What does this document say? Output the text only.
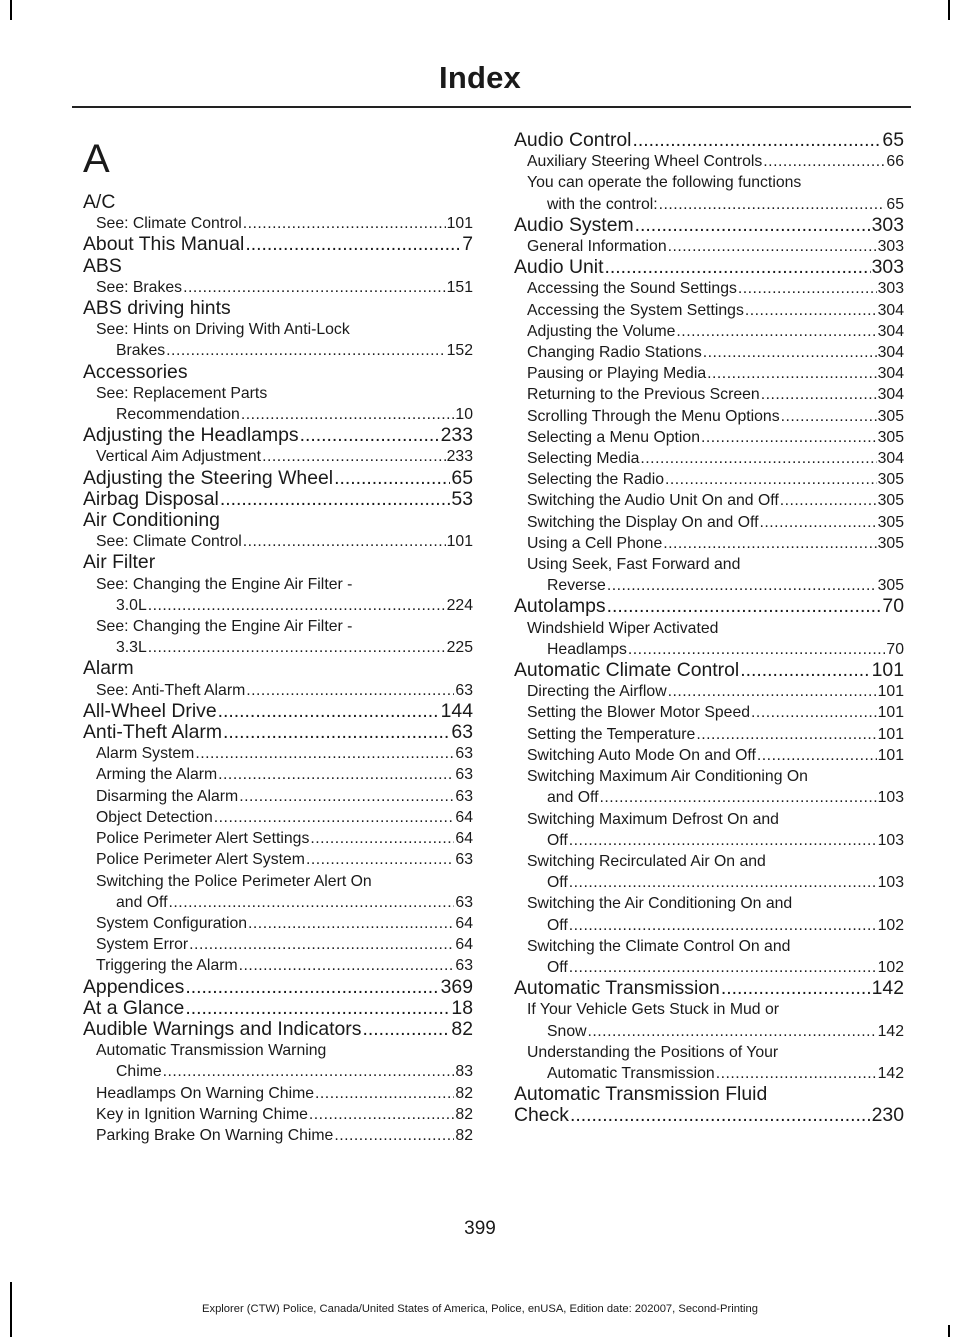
Index
A
A/C
See: Climate Control .....	101
About This Manual .....	7
ABS
See: Brakes .....	151
ABS driving hints
See: Hints on Driving With Anti-Lock
Brakes .....	152
Accessories
See: Replacement Parts
Recommendation .....	10
Adjusting the Headlamps .....	233
Vertical Aim Adjustment .....	233
Adjusting the Steering Wheel .....	65
Airbag Disposal .....	53
Air Conditioning
See: Climate Control .....	101
Air Filter
See: Changing the Engine Air Filter -
3.0L .....	224
See: Changing the Engine Air Filter -
3.3L .....	225
Alarm
See: Anti-Theft Alarm .....	63
All-Wheel Drive .....	144
Anti-Theft Alarm .....	63
Alarm System .....	63
Arming the Alarm .....	63
Disarming the Alarm .....	63
Object Detection .....	64
Police Perimeter Alert Settings .....	64
Police Perimeter Alert System .....	63
Switching the Police Perimeter Alert On
and Off .....	63
System Configuration .....	64
System Error .....	64
Triggering the Alarm .....	63
Appendices .....	369
At a Glance .....	18
Audible Warnings and Indicators .....	82
Automatic Transmission Warning
Chime .....	83
Headlamps On Warning Chime .....	82
Key in Ignition Warning Chime .....	82
Parking Brake On Warning Chime .....	82
Audio Control .....	65
Auxiliary Steering Wheel Controls .....	66
You can operate the following functions
with the control: .....	65
Audio System .....	303
General Information .....	303
Audio Unit .....	303
Accessing the Sound Settings .....	303
Accessing the System Settings .....	304
Adjusting the Volume .....	304
Changing Radio Stations .....	304
Pausing or Playing Media .....	304
Returning to the Previous Screen .....	304
Scrolling Through the Menu Options .....	305
Selecting a Menu Option .....	305
Selecting Media .....	304
Selecting the Radio .....	305
Switching the Audio Unit On and Off .....	305
Switching the Display On and Off .....	305
Using a Cell Phone .....	305
Using Seek, Fast Forward and
Reverse .....	305
Autolamps .....	70
Windshield Wiper Activated
Headlamps .....	70
Automatic Climate Control .....	101
Directing the Airflow .....	101
Setting the Blower Motor Speed .....	101
Setting the Temperature .....	101
Switching Auto Mode On and Off .....	101
Switching Maximum Air Conditioning On
and Off .....	103
Switching Maximum Defrost On and
Off .....	103
Switching Recirculated Air On and
Off .....	103
Switching the Air Conditioning On and
Off .....	102
Switching the Climate Control On and
Off .....	102
Automatic Transmission .....	142
If Your Vehicle Gets Stuck in Mud or
Snow .....	142
Understanding the Positions of Your
Automatic Transmission .....	142
Automatic Transmission Fluid
Check .....	230
399
Explorer (CTW) Police, Canada/United States of America, Police, enUSA, Edition date: 202007, Second-Printing
